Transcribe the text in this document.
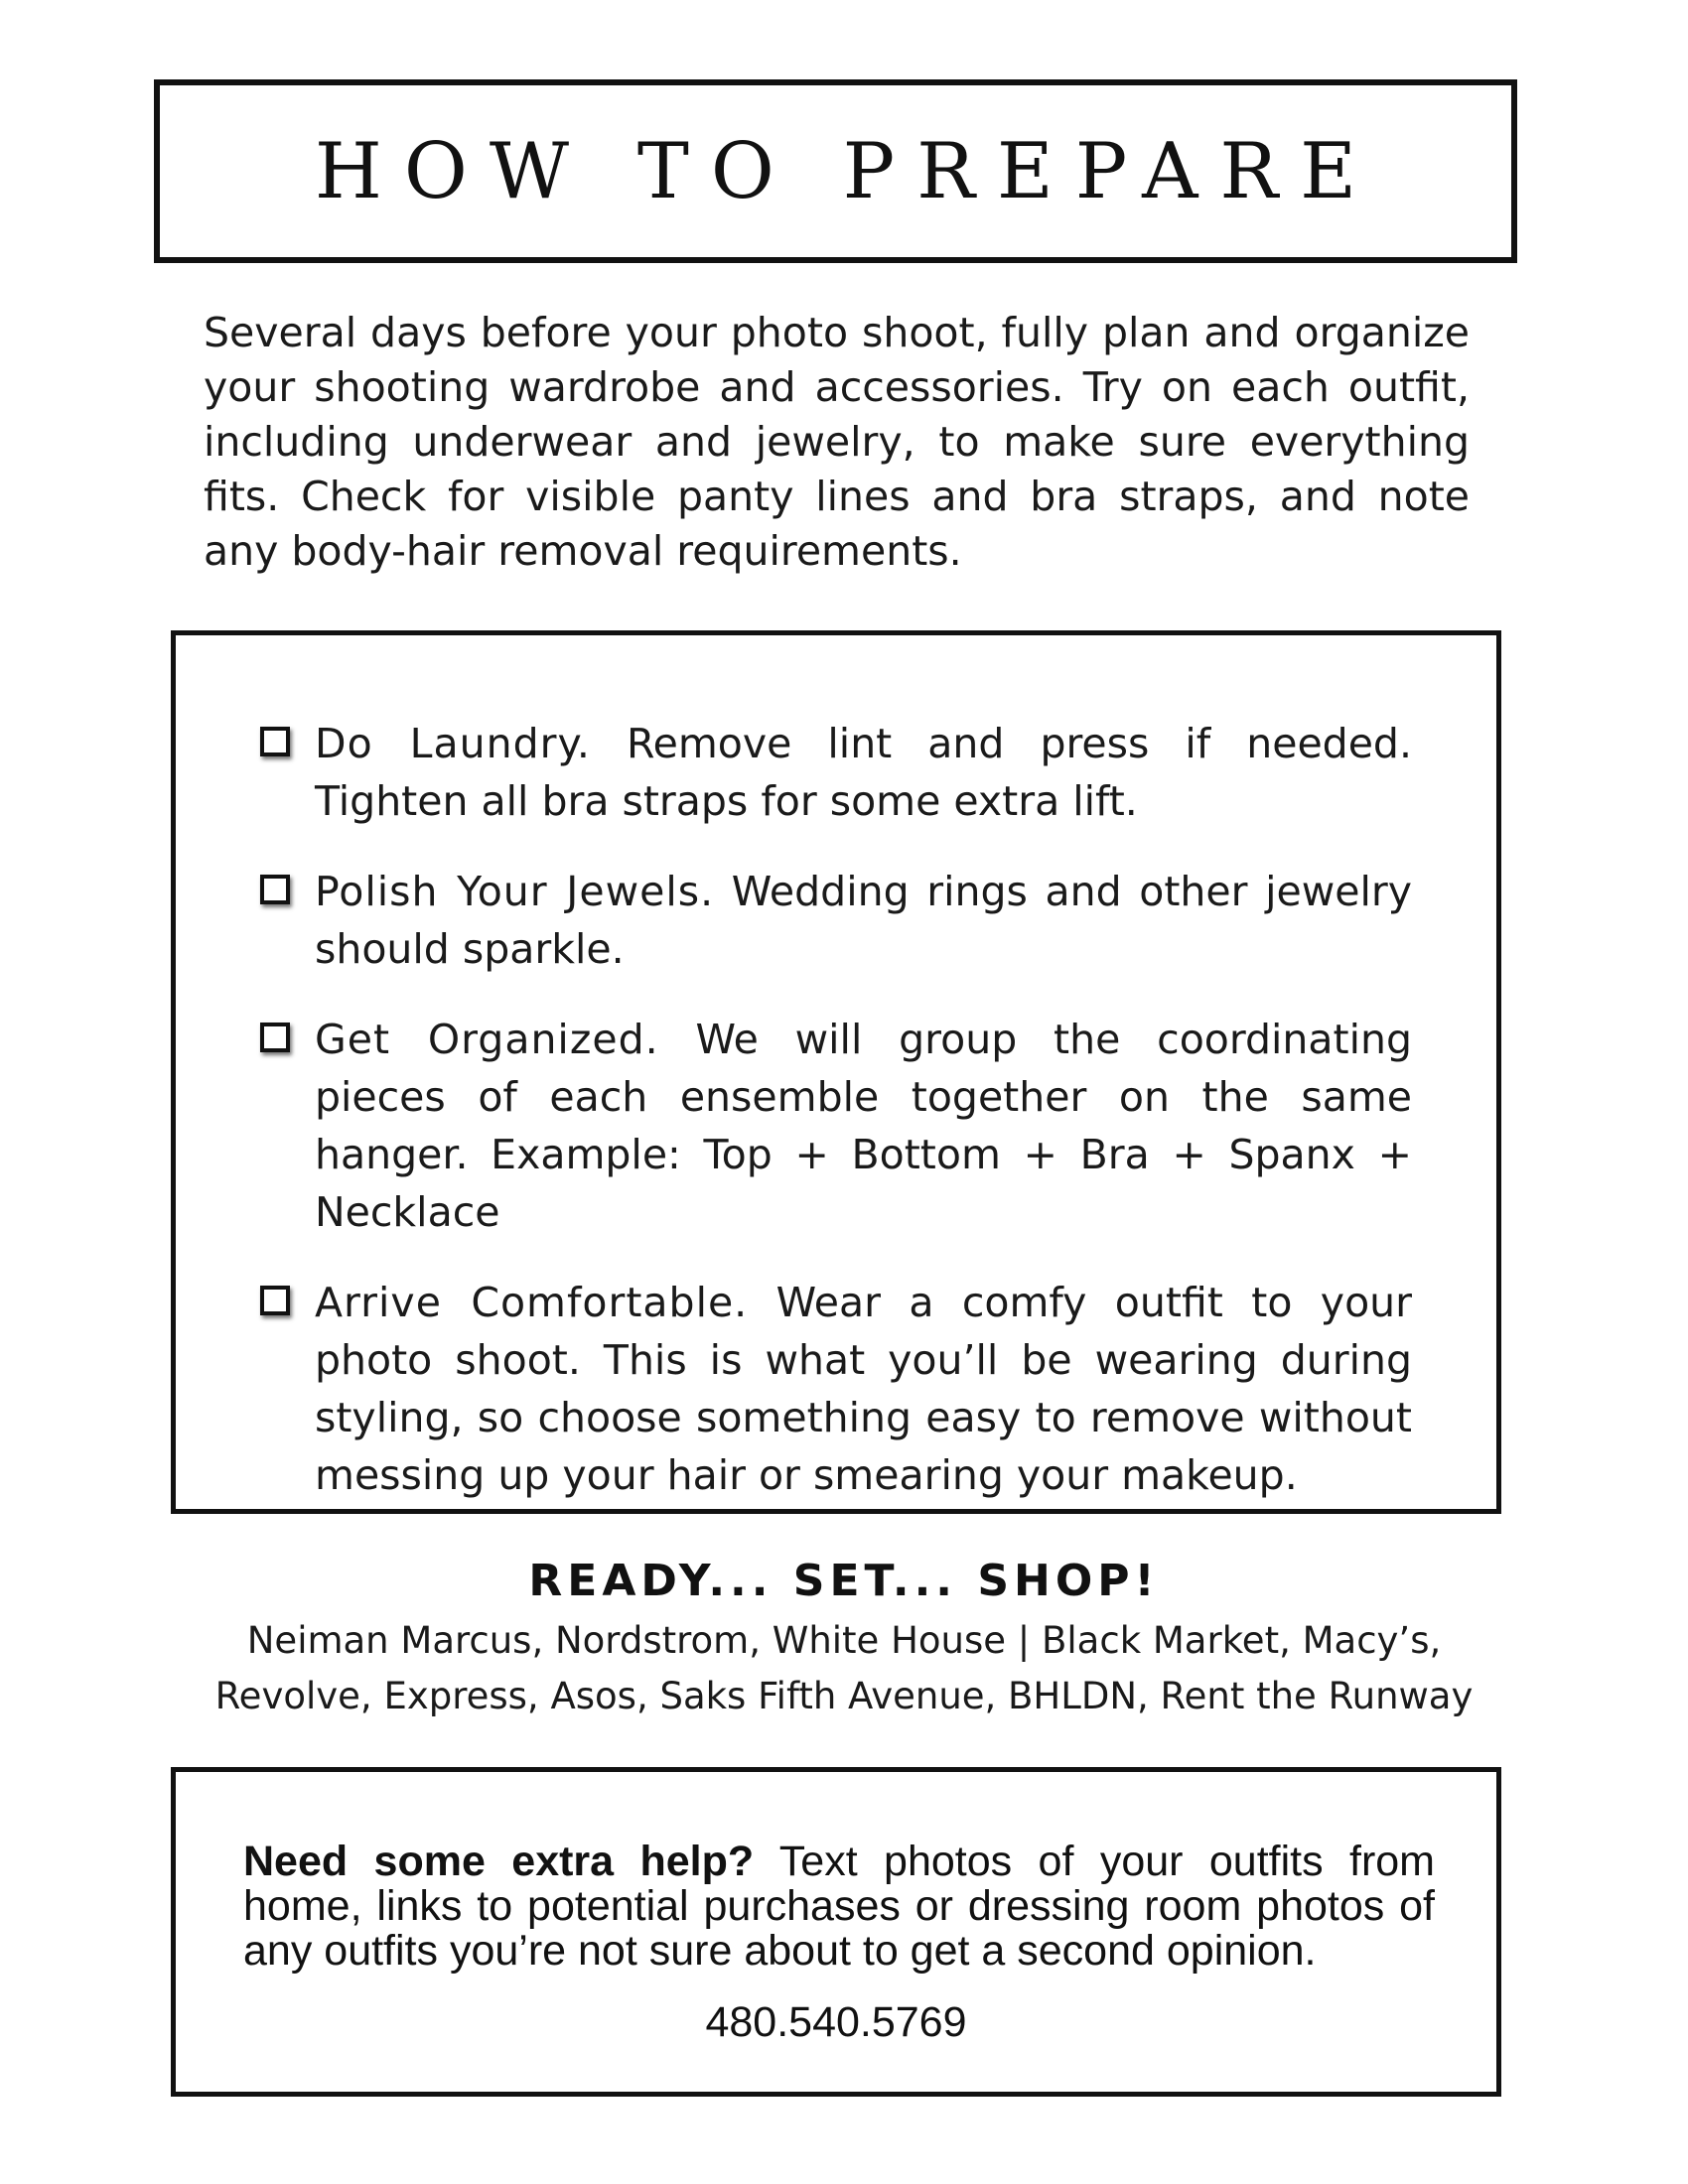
HOW TO PREPARE

Several days before your photo shoot, fully plan and organize your shooting wardrobe and accessories. Try on each outfit, including underwear and jewelry, to make sure everything fits. Check for visible panty lines and bra straps, and note any body-hair removal requirements.

Do Laundry. Remove lint and press if needed. Tighten all bra straps for some extra lift.
Polish Your Jewels. Wedding rings and other jewelry should sparkle.
Get Organized. We will group the coordinating pieces of each ensemble together on the same hanger. Example: Top + Bottom + Bra + Spanx + Necklace
Arrive Comfortable. Wear a comfy outfit to your photo shoot. This is what you’ll be wearing during styling, so choose something easy to remove without messing up your hair or smearing your makeup.
READY... SET... SHOP!

Neiman Marcus, Nordstrom, White House | Black Market, Macy’s,
Revolve, Express, Asos, Saks Fifth Avenue, BHLDN, Rent the Runway

Need some extra help? Text photos of your outfits from home, links to potential purchases or dressing room photos of any outfits you’re not sure about to get a second opinion.

480.540.5769
